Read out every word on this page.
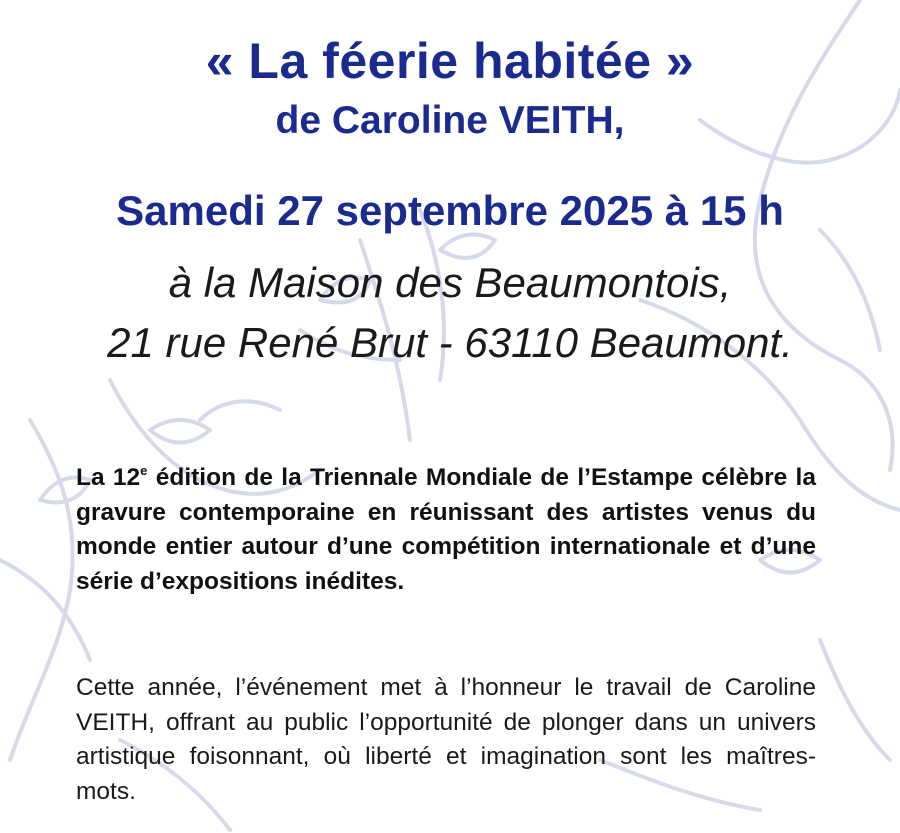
« La féerie habitée »
de Caroline VEITH,
Samedi 27 septembre 2025 à 15 h
à la Maison des Beaumontois,
21 rue René Brut - 63110 Beaumont.
La 12e édition de la Triennale Mondiale de l’Estampe célèbre la gravure contemporaine en réunissant des artistes venus du monde entier autour d’une compétition internationale et d’une série d’expositions inédites.
Cette année, l’événement met à l’honneur le travail de Caroline VEITH, offrant au public l’opportunité de plonger dans un univers artistique foisonnant, où liberté et imagination sont les maîtres-mots.
